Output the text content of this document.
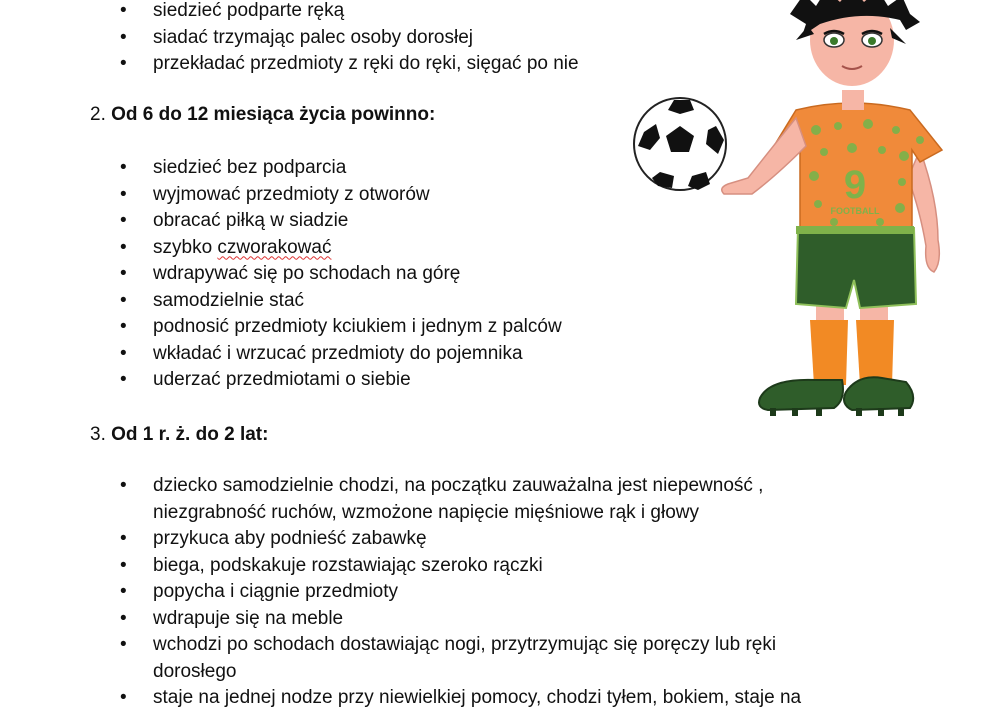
• siedzieć podparte ręką
• siadać trzymając palec osoby dorosłej
• przekładać przedmioty z ręki do ręki, sięgać po nie
2. Od 6 do 12 miesiąca życia powinno:
• siedzieć bez podparcia
• wyjmować przedmioty z otworów
• obracać piłką w siadzie
• szybko czworakować
• wdrapywać się po schodach na górę
• samodzielnie stać
• podnosić przedmioty kciukiem i jednym z palców
• wkładać i wrzucać przedmioty do pojemnika
• uderzać przedmiotami o siebie
3. Od 1 r. ż. do 2 lat:
• dziecko samodzielnie chodzi, na początku zauważalna jest niepewność ,
niezgrabność ruchów, wzmożone napięcie mięśniowe rąk i głowy
• przykuca aby podnieść zabawkę
• biega, podskakuje rozstawiając szeroko rączki
• popycha i ciągnie przedmioty
• wdrapuje się na meble
• wchodzi po schodach dostawiając nogi, przytrzymując się poręczy lub ręki
dorosłego
• staje na jednej nodze przy niewielkiej pomocy, chodzi tyłem, bokiem, staje na
9
FOOTBALL
